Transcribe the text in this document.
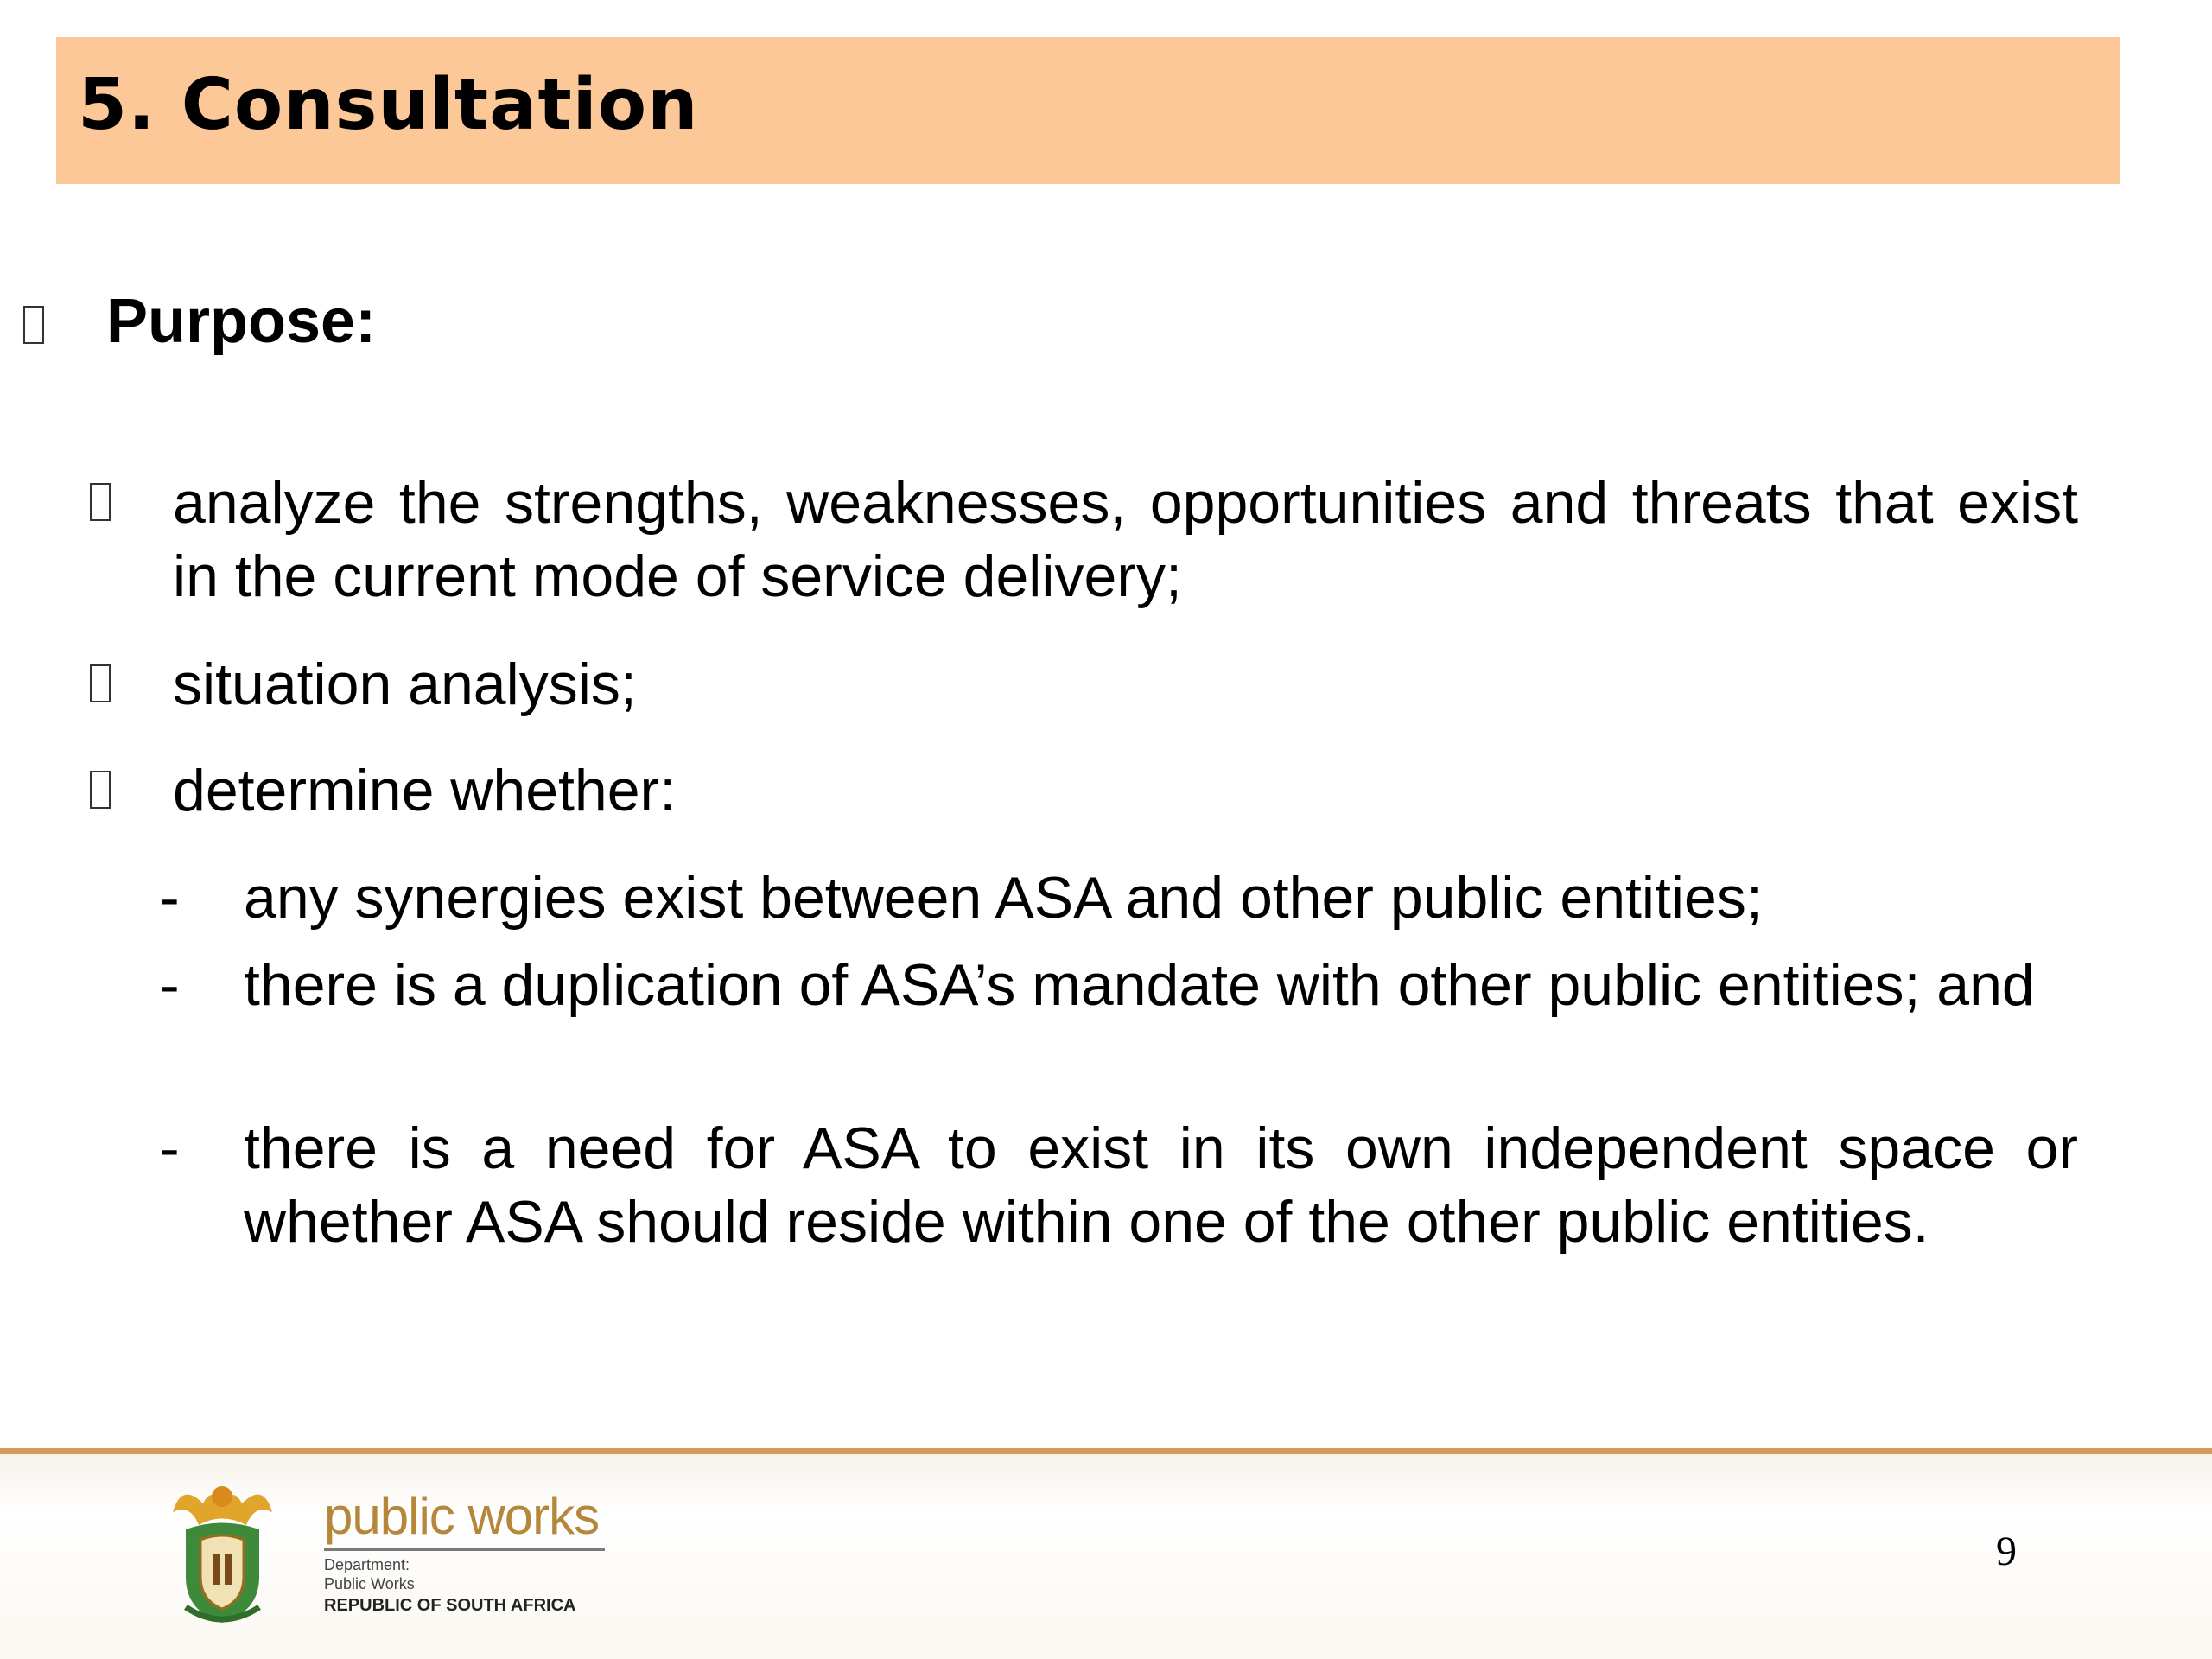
5. Consultation
Purpose:
analyze the strengths, weaknesses, opportunities and threats that exist in the current mode of service delivery;
situation analysis;
determine whether:
- any synergies exist between ASA and other public entities;
- there is a duplication of ASA’s mandate with other public entities; and
- there is a need for ASA to exist in its own independent space or whether ASA should reside within one of the other public entities.
public works
Department:
Public Works
REPUBLIC OF SOUTH AFRICA
9
